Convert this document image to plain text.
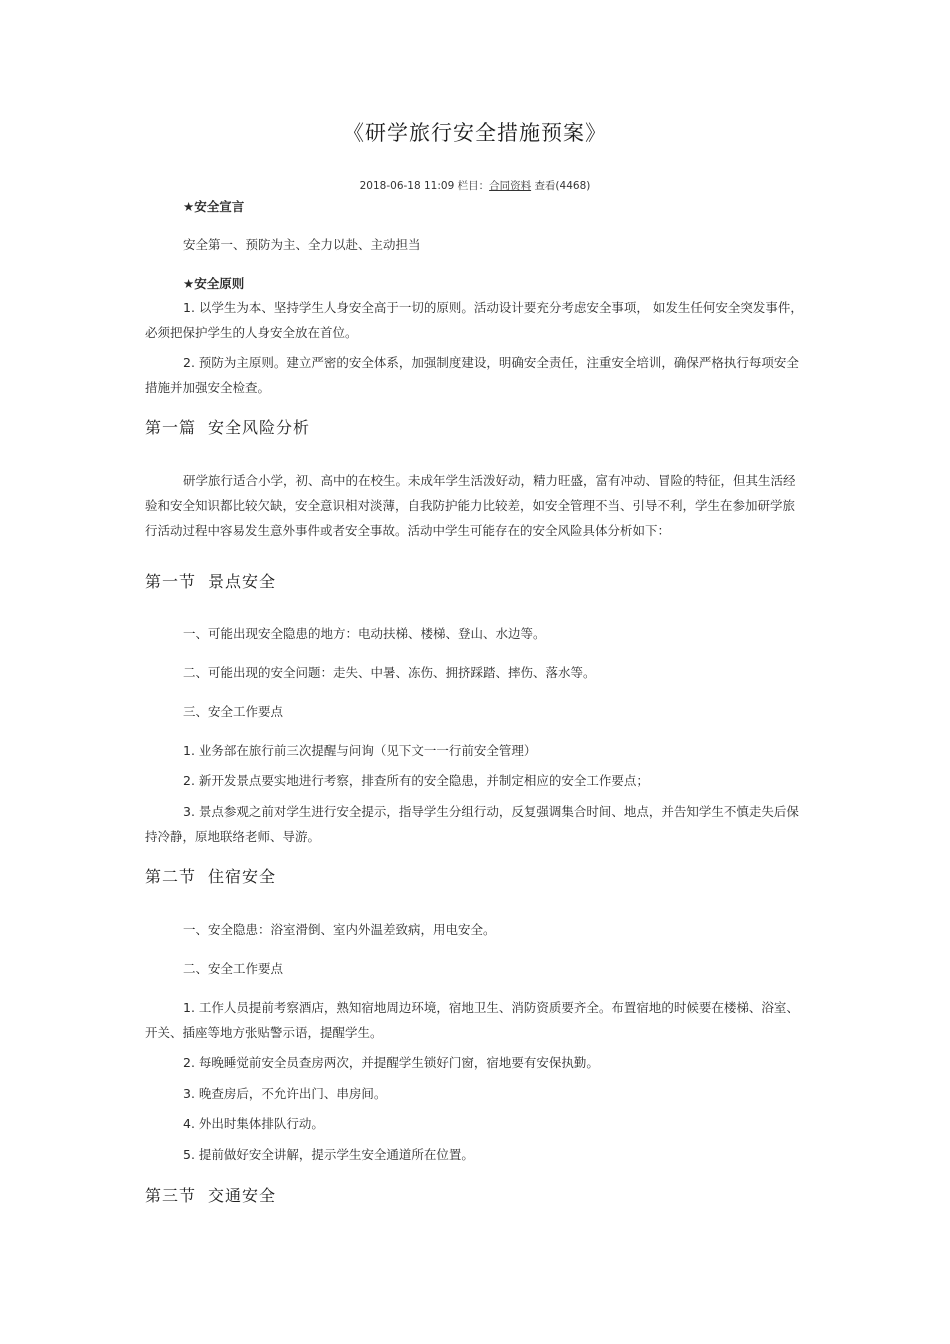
《研学旅行安全措施预案》
2018-06-18 11:09 栏目：合同资料 查看(4468)
★安全宣言
安全第一、预防为主、全力以赴、主动担当
★安全原则
1. 以学生为本、坚持学生人身安全高于一切的原则。活动设计要充分考虑安全事项， 如发生任何安全突发事件，必须把保护学生的人身安全放在首位。
2. 预防为主原则。建立严密的安全体系，加强制度建设，明确安全责任，注重安全培训，确保严格执行每项安全措施并加强安全检查。
第一篇 安全风险分析
研学旅行适合小学，初、高中的在校生。未成年学生活泼好动，精力旺盛，富有冲动、冒险的特征，但其生活经验和安全知识都比较欠缺，安全意识相对淡薄，自我防护能力比较差，如安全管理不当、引导不利，学生在参加研学旅行活动过程中容易发生意外事件或者安全事故。活动中学生可能存在的安全风险具体分析如下：
第一节 景点安全
一、可能出现安全隐患的地方：电动扶梯、楼梯、登山、水边等。
二、可能出现的安全问题：走失、中暑、冻伤、拥挤踩踏、摔伤、落水等。
三、安全工作要点
1. 业务部在旅行前三次提醒与问询（见下文一一行前安全管理）
2. 新开发景点要实地进行考察，排查所有的安全隐患，并制定相应的安全工作要点；
3. 景点参观之前对学生进行安全提示，指导学生分组行动，反复强调集合时间、地点，并告知学生不慎走失后保持冷静，原地联络老师、导游。
第二节 住宿安全
一、安全隐患：浴室滑倒、室内外温差致病，用电安全。
二、安全工作要点
1. 工作人员提前考察酒店，熟知宿地周边环境，宿地卫生、消防资质要齐全。布置宿地的时候要在楼梯、浴室、开关、插座等地方张贴警示语，提醒学生。
2. 每晚睡觉前安全员查房两次，并提醒学生锁好门窗，宿地要有安保执勤。
3. 晚查房后，不允许出门、串房间。
4. 外出时集体排队行动。
5. 提前做好安全讲解，提示学生安全通道所在位置。
第三节 交通安全
